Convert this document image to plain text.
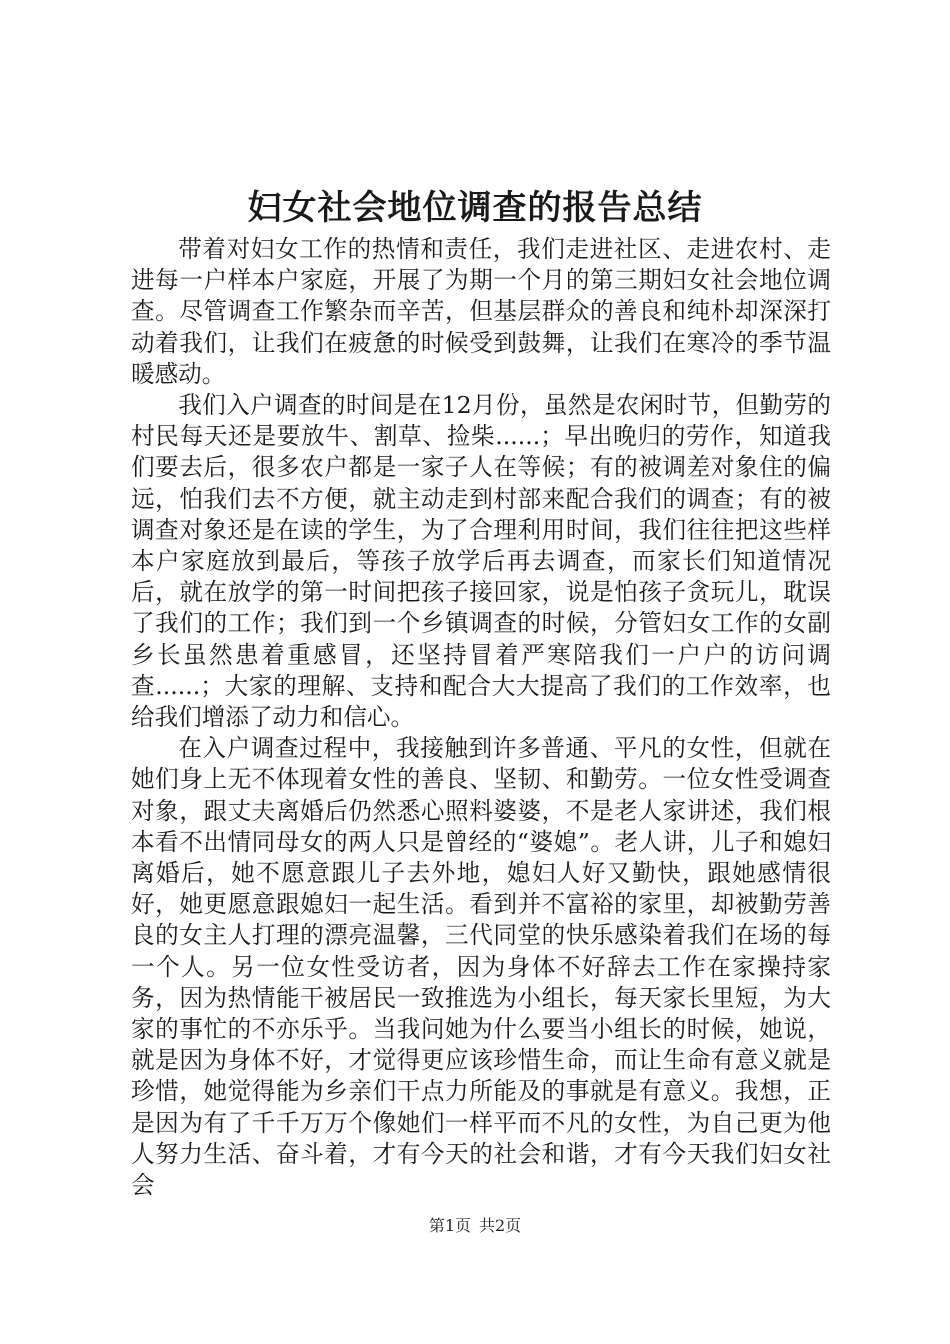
妇女社会地位调查的报告总结

带着对妇女工作的热情和责任，我们走进社区、走进农村、走进每一户样本户家庭，开展了为期一个月的第三期妇女社会地位调查。尽管调查工作繁杂而辛苦，但基层群众的善良和纯朴却深深打动着我们，让我们在疲惫的时候受到鼓舞，让我们在寒冷的季节温暖感动。

我们入户调查的时间是在12月份，虽然是农闲时节，但勤劳的村民每天还是要放牛、割草、捡柴......；早出晚归的劳作，知道我们要去后，很多农户都是一家子人在等候；有的被调差对象住的偏远，怕我们去不方便，就主动走到村部来配合我们的调查；有的被调查对象还是在读的学生，为了合理利用时间，我们往往把这些样本户家庭放到最后，等孩子放学后再去调查，而家长们知道情况后，就在放学的第一时间把孩子接回家，说是怕孩子贪玩儿，耽误了我们的工作；我们到一个乡镇调查的时候，分管妇女工作的女副乡长虽然患着重感冒，还坚持冒着严寒陪我们一户户的访问调查......；大家的理解、支持和配合大大提高了我们的工作效率，也给我们增添了动力和信心。

在入户调查过程中，我接触到许多普通、平凡的女性，但就在她们身上无不体现着女性的善良、坚韧、和勤劳。一位女性受调查对象，跟丈夫离婚后仍然悉心照料婆婆，不是老人家讲述，我们根本看不出情同母女的两人只是曾经的“婆媳”。老人讲，儿子和媳妇离婚后，她不愿意跟儿子去外地，媳妇人好又勤快，跟她感情很好，她更愿意跟媳妇一起生活。看到并不富裕的家里，却被勤劳善良的女主人打理的漂亮温馨，三代同堂的快乐感染着我们在场的每一个人。另一位女性受访者，因为身体不好辞去工作在家操持家务，因为热情能干被居民一致推选为小组长，每天家长里短，为大家的事忙的不亦乐乎。当我问她为什么要当小组长的时候，她说，就是因为身体不好，才觉得更应该珍惜生命，而让生命有意义就是珍惜，她觉得能为乡亲们干点力所能及的事就是有意义。我想，正是因为有了千千万万个像她们一样平而不凡的女性，为自己更为他人努力生活、奋斗着，才有今天的社会和谐，才有今天我们妇女社会

第1页 共2页
